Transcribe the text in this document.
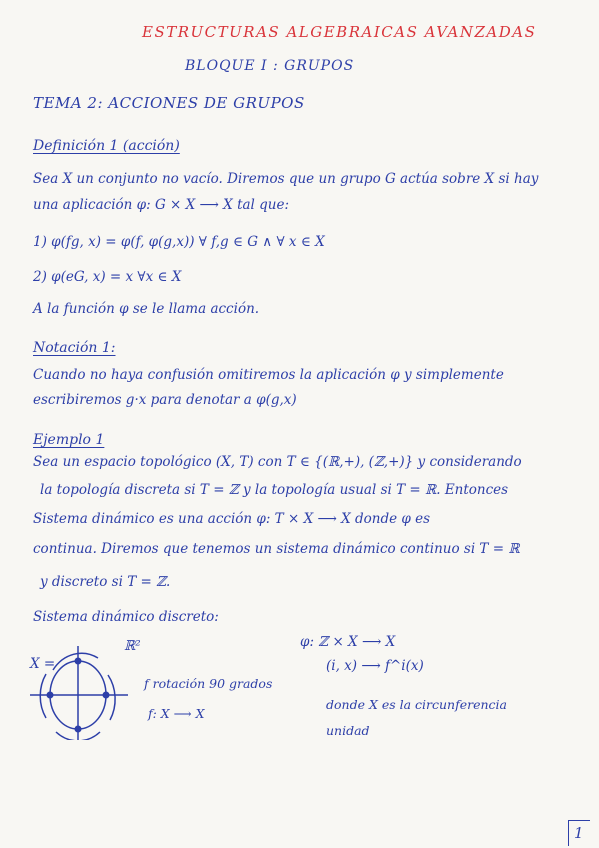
ESTRUCTURAS ALGEBRAICAS AVANZADAS
BLOQUE I : GRUPOS
TEMA 2: ACCIONES DE GRUPOS
Definición 1 (acción)
Sea X un conjunto no vacío. Diremos que un grupo G actúa sobre X si hay
una aplicación φ: G × X ⟶ X tal que:
1) φ(fg, x) = φ(f, φ(g,x)) ∀ f,g ∈ G ∧ ∀ x ∈ X
2) φ(eG, x) = x ∀x ∈ X
A la función φ se le llama acción.
Notación 1:
Cuando no haya confusión omitiremos la aplicación φ y simplemente
escribiremos g·x para denotar a φ(g,x)
Ejemplo 1
Sea un espacio topológico (X, T) con T ∈ {(ℝ,+), (ℤ,+)} y considerando
la topología discreta si T = ℤ y la topología usual si T = ℝ. Entonces
Sistema dinámico es una acción φ: T × X ⟶ X donde φ es
continua. Diremos que tenemos un sistema dinámico continuo si T = ℝ
y discreto si T = ℤ.
Sistema dinámico discreto:
ℝ²
X =
f rotación 90 grados
f: X ⟶ X
φ: ℤ × X ⟶ X
(i, x) ⟶ f^i(x)
donde X es la circunferencia
unidad
1
